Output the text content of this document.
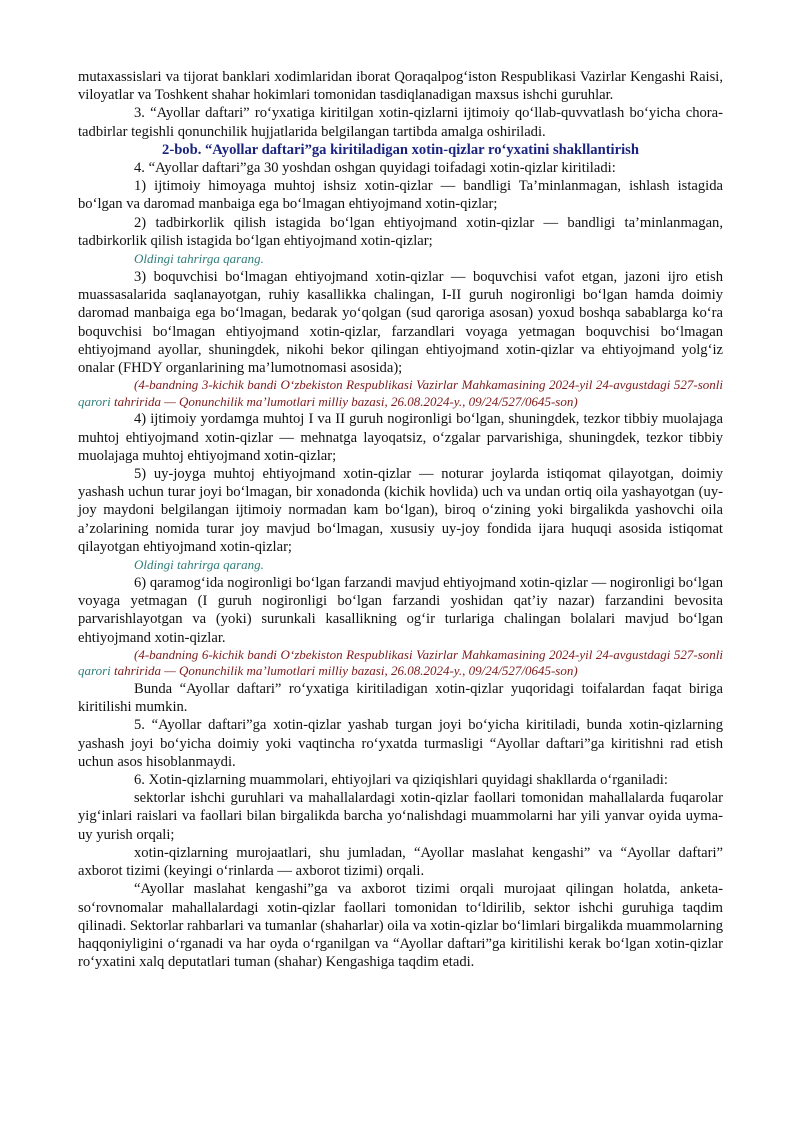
mutaxassislari va tijorat banklari xodimlaridan iborat Qoraqalpogʻiston Respublikasi Vazirlar Kengashi Raisi, viloyatlar va Toshkent shahar hokimlari tomonidan tasdiqlanadigan maxsus ishchi guruhlar.

3. “Ayollar daftari” roʻyxatiga kiritilgan xotin-qizlarni ijtimoiy qoʻllab-quvvatlash boʻyicha chora-tadbirlar tegishli qonunchilik hujjatlarida belgilangan tartibda amalga oshiriladi.

2-bob. “Ayollar daftari”ga kiritiladigan xotin-qizlar roʻyxatini shakllantirish

4. “Ayollar daftari”ga 30 yoshdan oshgan quyidagi toifadagi xotin-qizlar kiritiladi:

1) ijtimoiy himoyaga muhtoj ishsiz xotin-qizlar — bandligi Ta’minlanmagan, ishlash istagida boʻlgan va daromad manbaiga ega boʻlmagan ehtiyojmand xotin-qizlar;

2) tadbirkorlik qilish istagida boʻlgan ehtiyojmand xotin-qizlar — bandligi ta’minlanmagan, tadbirkorlik qilish istagida boʻlgan ehtiyojmand xotin-qizlar;

Oldingi tahrirga qarang.

3) boquvchisi boʻlmagan ehtiyojmand xotin-qizlar — boquvchisi vafot etgan, jazoni ijro etish muassasalarida saqlanayotgan, ruhiy kasallikka chalingan, I-II guruh nogironligi boʻlgan hamda doimiy daromad manbaiga ega boʻlmagan, bedarak yoʻqolgan (sud qaroriga asosan) yoxud boshqa sabablarga koʻra boquvchisi boʻlmagan ehtiyojmand xotin-qizlar, farzandlari voyaga yetmagan boquvchisi boʻlmagan ehtiyojmand ayollar, shuningdek, nikohi bekor qilingan ehtiyojmand xotin-qizlar va ehtiyojmand yolgʻiz onalar (FHDY organlarining ma’lumotnomasi asosida);

(4-bandning 3-kichik bandi Oʻzbekiston Respublikasi Vazirlar Mahkamasining 2024-yil 24-avgustdagi 527-sonli qarori tahririda — Qonunchilik ma’lumotlari milliy bazasi, 26.08.2024-y., 09/24/527/0645-son)

4) ijtimoiy yordamga muhtoj I va II guruh nogironligi boʻlgan, shuningdek, tezkor tibbiy muolajaga muhtoj ehtiyojmand xotin-qizlar — mehnatga layoqatsiz, oʻzgalar parvarishiga, shuningdek, tezkor tibbiy muolajaga muhtoj ehtiyojmand xotin-qizlar;

5) uy-joyga muhtoj ehtiyojmand xotin-qizlar — noturar joylarda istiqomat qilayotgan, doimiy yashash uchun turar joyi boʻlmagan, bir xonadonda (kichik hovlida) uch va undan ortiq oila yashayotgan (uy-joy maydoni belgilangan ijtimoiy normadan kam boʻlgan), biroq oʻzining yoki birgalikda yashovchi oila a’zolarining nomida turar joy mavjud boʻlmagan, xususiy uy-joy fondida ijara huquqi asosida istiqomat qilayotgan ehtiyojmand xotin-qizlar;

Oldingi tahrirga qarang.

6) qaramogʻida nogironligi boʻlgan farzandi mavjud ehtiyojmand xotin-qizlar — nogironligi boʻlgan voyaga yetmagan (I guruh nogironligi boʻlgan farzandi yoshidan qat’iy nazar) farzandini bevosita parvarishlayotgan va (yoki) surunkali kasallikning ogʻir turlariga chalingan bolalari mavjud boʻlgan ehtiyojmand xotin-qizlar.

(4-bandning 6-kichik bandi Oʻzbekiston Respublikasi Vazirlar Mahkamasining 2024-yil 24-avgustdagi 527-sonli qarori tahririda — Qonunchilik ma’lumotlari milliy bazasi, 26.08.2024-y., 09/24/527/0645-son)

Bunda “Ayollar daftari” roʻyxatiga kiritiladigan xotin-qizlar yuqoridagi toifalardan faqat biriga kiritilishi mumkin.

5. “Ayollar daftari”ga xotin-qizlar yashab turgan joyi boʻyicha kiritiladi, bunda xotin-qizlarning yashash joyi boʻyicha doimiy yoki vaqtincha roʻyxatda turmasligi “Ayollar daftari”ga kiritishni rad etish uchun asos hisoblanmaydi.

6. Xotin-qizlarning muammolari, ehtiyojlari va qiziqishlari quyidagi shakllarda oʻrganiladi:

sektorlar ishchi guruhlari va mahallalardagi xotin-qizlar faollari tomonidan mahallalarda fuqarolar yigʻinlari raislari va faollari bilan birgalikda barcha yoʻnalishdagi muammolarni har yili yanvar oyida uyma-uy yurish orqali;

xotin-qizlarning murojaatlari, shu jumladan, “Ayollar maslahat kengashi” va “Ayollar daftari” axborot tizimi (keyingi oʻrinlarda — axborot tizimi) orqali.

“Ayollar maslahat kengashi”ga va axborot tizimi orqali murojaat qilingan holatda, anketa-soʻrovnomalar mahallalardagi xotin-qizlar faollari tomonidan toʻldirilib, sektor ishchi guruhiga taqdim qilinadi. Sektorlar rahbarlari va tumanlar (shaharlar) oila va xotin-qizlar boʻlimlari birgalikda muammolarning haqqoniyligini oʻrganadi va har oyda oʻrganilgan va “Ayollar daftari”ga kiritilishi kerak boʻlgan xotin-qizlar roʻyxatini xalq deputatlari tuman (shahar) Kengashiga taqdim etadi.
